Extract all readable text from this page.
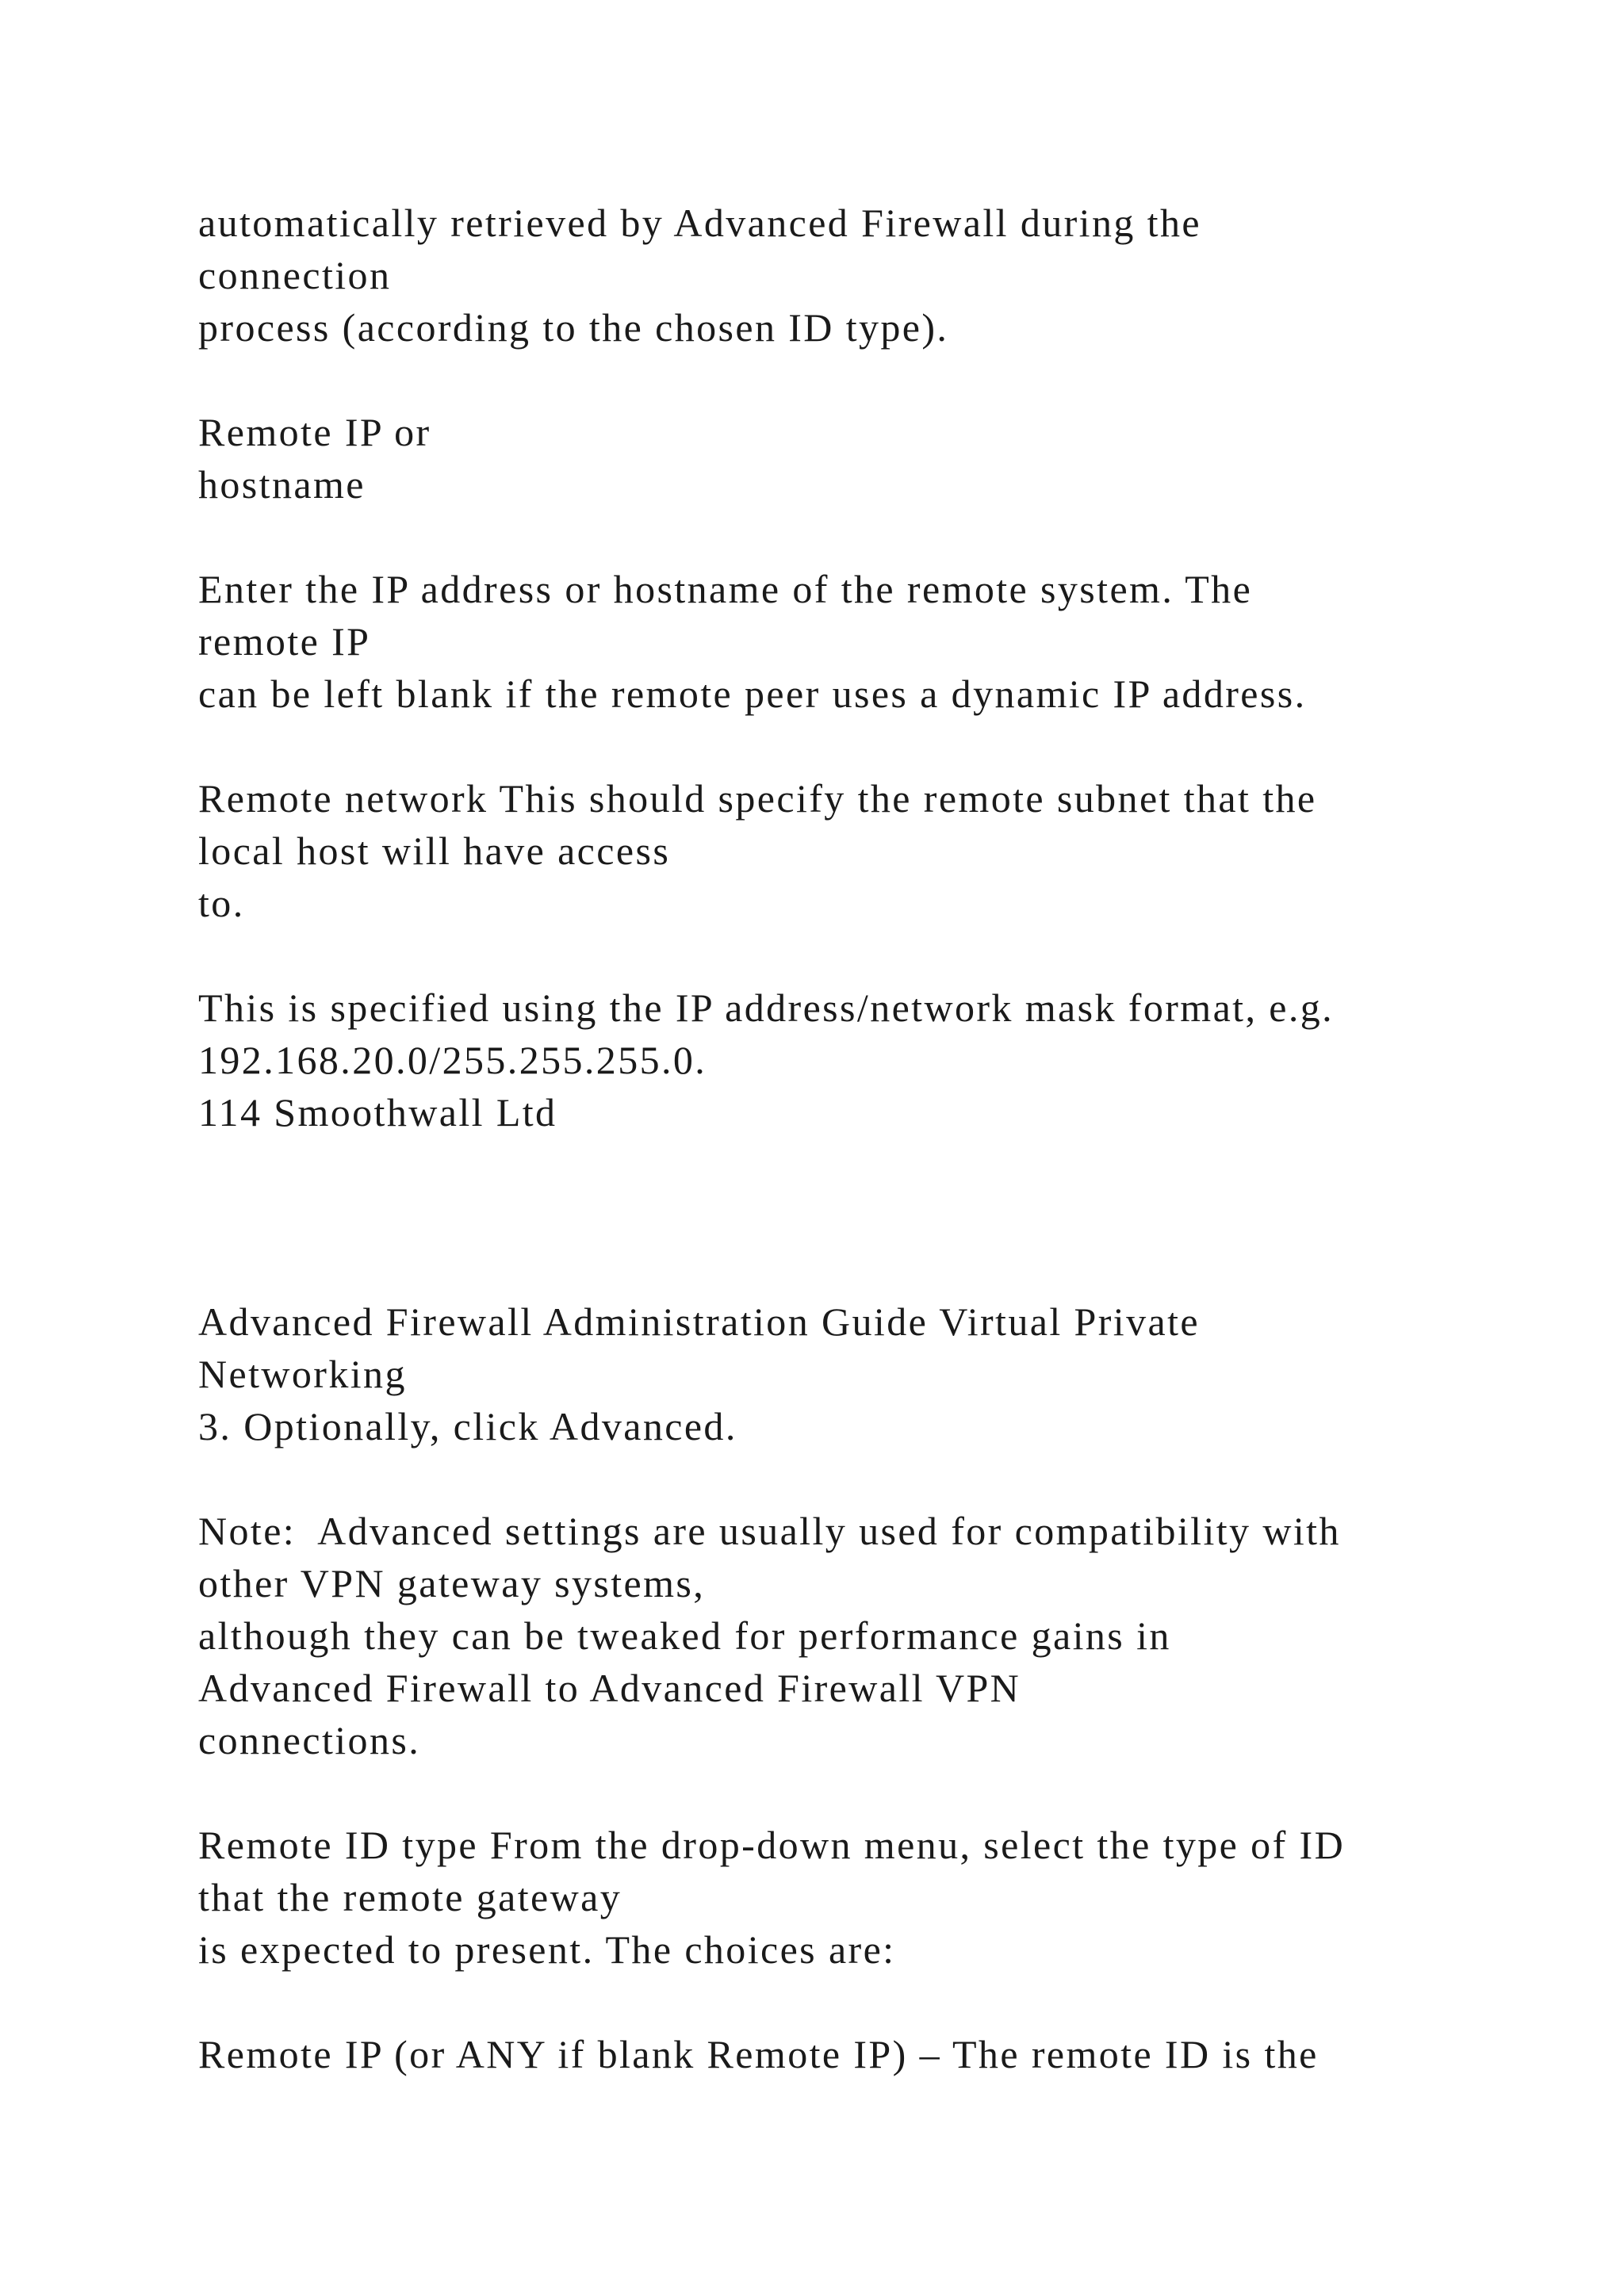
automatically retrieved by Advanced Firewall during the
connection
process (according to the chosen ID type).
Remote IP or
hostname
Enter the IP address or hostname of the remote system. The
remote IP
can be left blank if the remote peer uses a dynamic IP address.
Remote network This should specify the remote subnet that the
local host will have access
to.
This is specified using the IP address/network mask format, e.g.
192.168.20.0/255.255.255.0.
114 Smoothwall Ltd
Advanced Firewall Administration Guide Virtual Private
Networking
3. Optionally, click Advanced.
Note:  Advanced settings are usually used for compatibility with
other VPN gateway systems,
although they can be tweaked for performance gains in
Advanced Firewall to Advanced Firewall VPN
connections.
Remote ID type From the drop-down menu, select the type of ID
that the remote gateway
is expected to present. The choices are:
Remote IP (or ANY if blank Remote IP) – The remote ID is the
